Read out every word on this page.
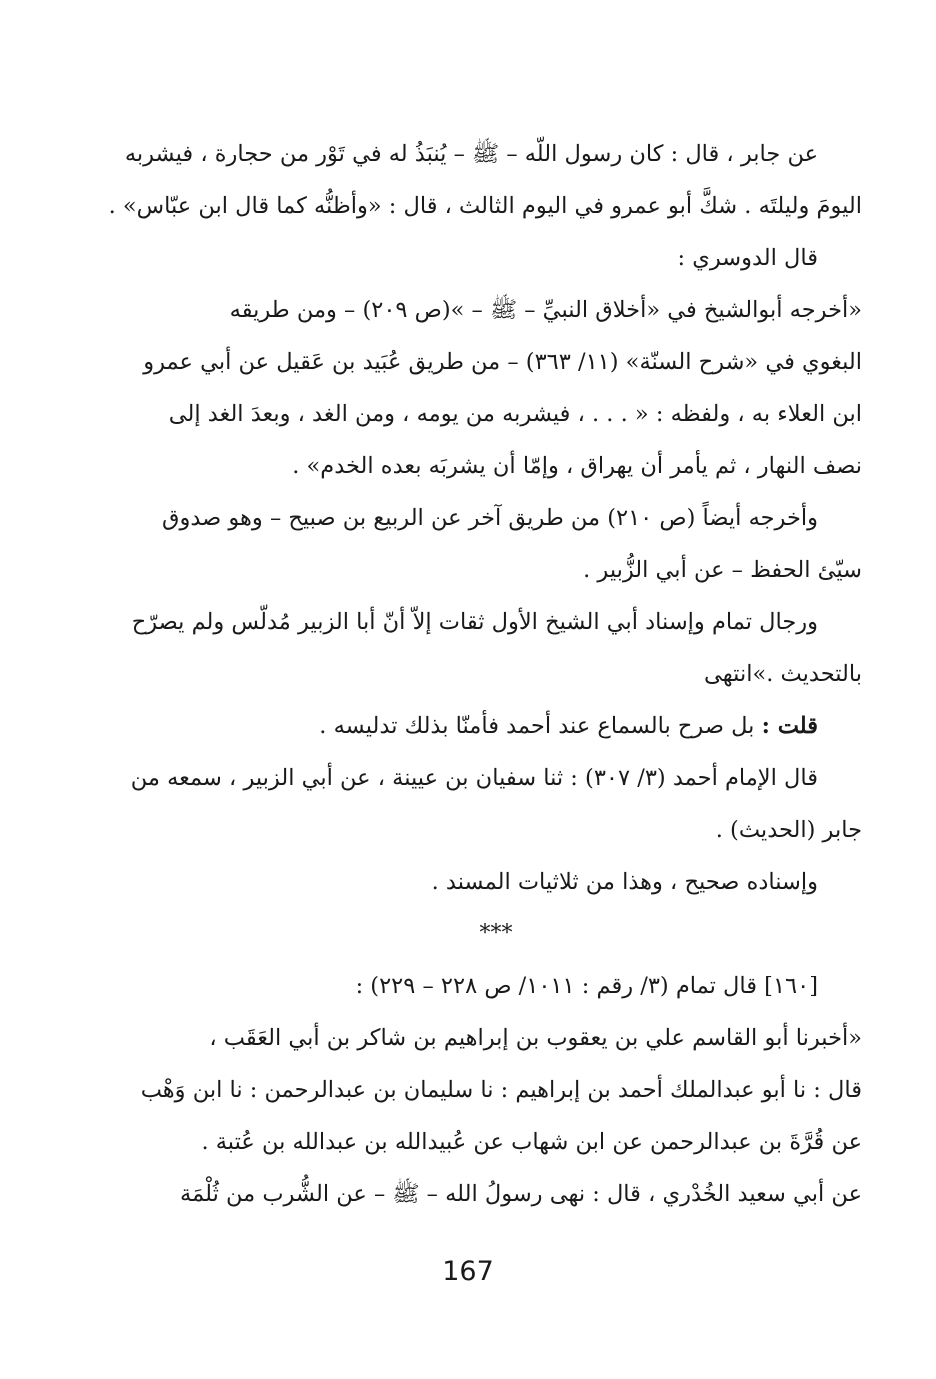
عن جابر ، قال : كان رسول اللّه – ﷺ – يُنبَذُ له في تَوْر من حجارة ، فيشربه
اليومَ وليلتَه . شكَّ أبو عمرو في اليوم الثالث ، قال : «وأظنُّه كما قال ابن عبّاس» .
قال الدوسري :
«أخرجه أبوالشيخ في «أخلاق النبيِّ – ﷺ – »(ص ٢٠٩) – ومن طريقه
البغوي في «شرح السنّة» (١١/ ٣٦٣) – من طريق عُبَيد بن عَقيل عن أبي عمرو
ابن العلاء به ، ولفظه : « . . . ، فيشربه من يومه ، ومن الغد ، وبعدَ الغد إلى
نصف النهار ، ثم يأمر أن يهراق ، وإمّا أن يشربَه بعده الخدم» .
وأخرجه أيضاً (ص ٢١٠) من طريق آخر عن الربيع بن صبيح – وهو صدوق
سيّئ الحفظ – عن أبي الزُّبير .
ورجال تمام وإسناد أبي الشيخ الأول ثقات إلاّ أنّ أبا الزبير مُدلّس ولم يصرّح
بالتحديث .»انتهى
قلت : بل صرح بالسماع عند أحمد فأمنّا بذلك تدليسه .
قال الإمام أحمد (٣/ ٣٠٧) : ثنا سفيان بن عيينة ، عن أبي الزبير ، سمعه من
جابر (الحديث) .
وإسناده صحيح ، وهذا من ثلاثيات المسند .
***
[١٦٠] قال تمام (٣/ رقم : ١٠١١/ ص ٢٢٨ – ٢٢٩) :
«أخبرنا أبو القاسم علي بن يعقوب بن إبراهيم بن شاكر بن أبي العَقَب ،
قال : نا أبو عبدالملك أحمد بن إبراهيم : نا سليمان بن عبدالرحمن : نا ابن وَهْب
عن قُرَّةَ بن عبدالرحمن عن ابن شهاب عن عُبيدالله بن عبدالله بن عُتبة .
عن أبي سعيد الخُدْري ، قال : نهى رسولُ الله – ﷺ – عن الشُّرب من ثُلْمَة
167
